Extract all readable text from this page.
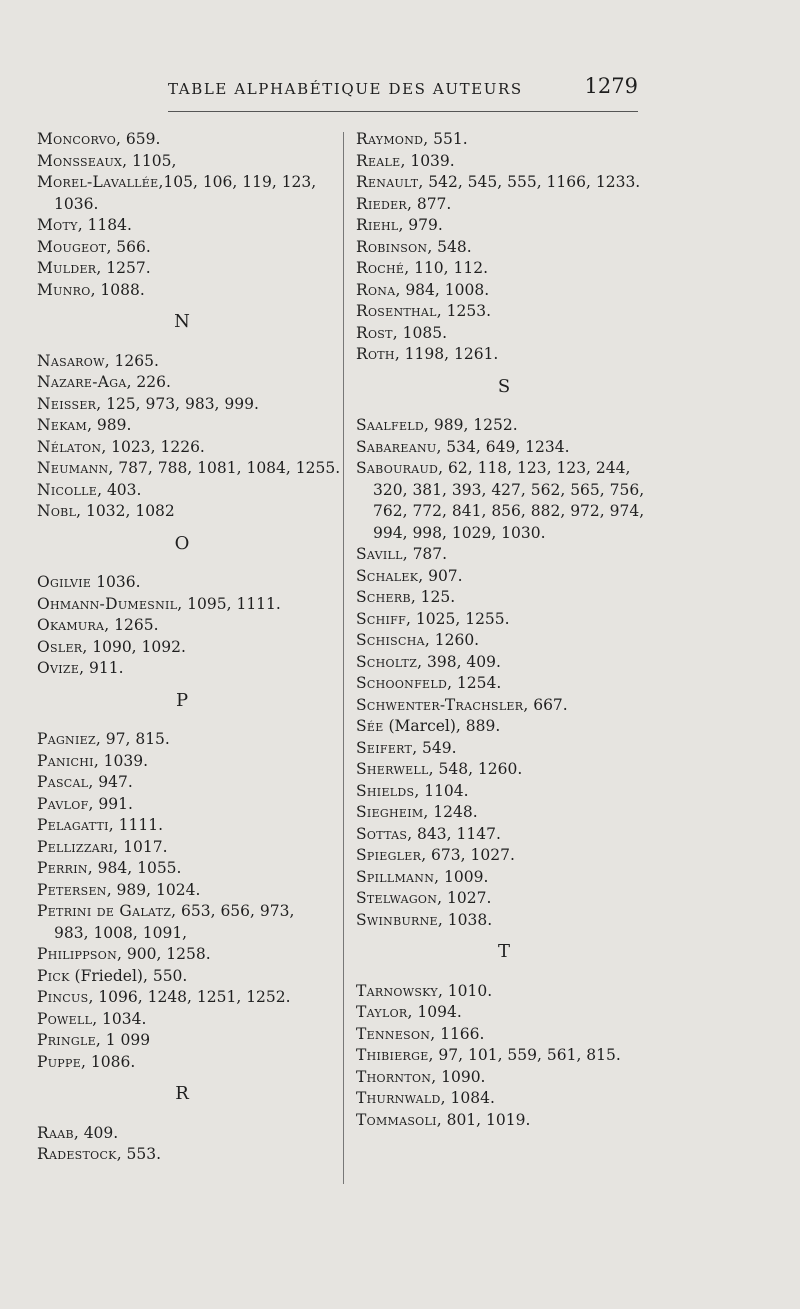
TABLE ALPHABÉTIQUE DES AUTEURS	1279
Moncorvo, 659.
Monsseaux, 1105,
Morel-Lavallée,105, 106, 119, 123,
1036.
Moty, 1184.
Mougeot, 566.
Mulder, 1257.
Munro, 1088.
N
Nasarow, 1265.
Nazare-Aga, 226.
Neisser, 125, 973, 983, 999.
Nekam, 989.
Nélaton, 1023, 1226.
Neumann, 787, 788, 1081, 1084, 1255.
Nicolle, 403.
Nobl, 1032, 1082
O
Ogilvie 1036.
Ohmann-Dumesnil, 1095, 1111.
Okamura, 1265.
Osler, 1090, 1092.
Ovize, 911.
P
Pagniez, 97, 815.
Panichi, 1039.
Pascal, 947.
Pavlof, 991.
Pelagatti, 1111.
Pellizzari, 1017.
Perrin, 984, 1055.
Petersen, 989, 1024.
Petrini de Galatz, 653, 656, 973,
983, 1008, 1091,
Philippson, 900, 1258.
Pick (Friedel), 550.
Pincus, 1096, 1248, 1251, 1252.
Powell, 1034.
Pringle, 1 099
Puppe, 1086.
R
Raab, 409.
Radestock, 553.
Raymond, 551.
Reale, 1039.
Renault, 542, 545, 555, 1166, 1233.
Rieder, 877.
Riehl, 979.
Robinson, 548.
Roché, 110, 112.
Rona, 984, 1008.
Rosenthal, 1253.
Rost, 1085.
Roth, 1198, 1261.
S
Saalfeld, 989, 1252.
Sabareanu, 534, 649, 1234.
Sabouraud, 62, 118, 123, 123, 244,
320, 381, 393, 427, 562, 565, 756,
762, 772, 841, 856, 882, 972, 974,
994, 998, 1029, 1030.
Savill, 787.
Schalek, 907.
Scherb, 125.
Schiff, 1025, 1255.
Schischa, 1260.
Scholtz, 398, 409.
Schoonfeld, 1254.
Schwenter-Trachsler, 667.
Sée (Marcel), 889.
Seifert, 549.
Sherwell, 548, 1260.
Shields, 1104.
Siegheim, 1248.
Sottas, 843, 1147.
Spiegler, 673, 1027.
Spillmann, 1009.
Stelwagon, 1027.
Swinburne, 1038.
T
Tarnowsky, 1010.
Taylor, 1094.
Tenneson, 1166.
Thibierge, 97, 101, 559, 561, 815.
Thornton, 1090.
Thurnwald, 1084.
Tommasoli, 801, 1019.
